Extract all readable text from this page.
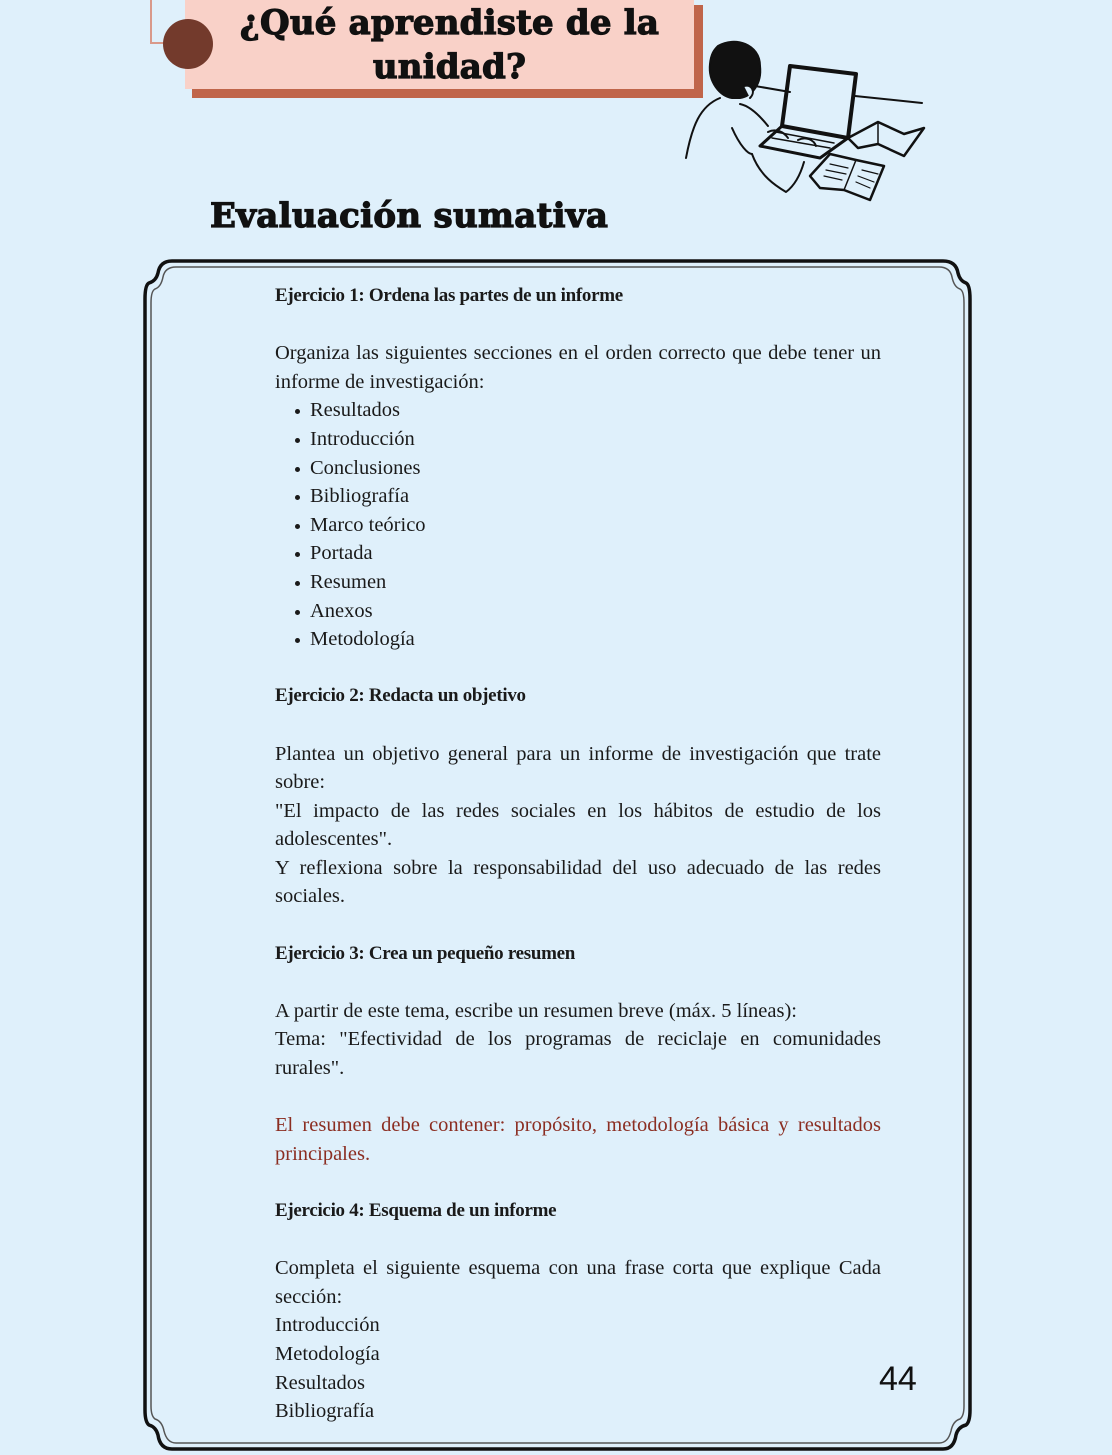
¿Qué aprendiste de la
unidad?
Evaluación sumativa

Ejercicio 1: Ordena las partes de un informe

Organiza las siguientes secciones en el orden correcto que debe tener un informe de investigación:

Resultados
Introducción
Conclusiones
Bibliografía
Marco teórico
Portada
Resumen
Anexos
Metodología

Ejercicio 2: Redacta un objetivo

Plantea un objetivo general para un informe de investigación que trate sobre:

"El impacto de las redes sociales en los hábitos de estudio de los adolescentes".

Y reflexiona sobre la responsabilidad del uso adecuado de las redes sociales.

Ejercicio 3: Crea un pequeño resumen

A partir de este tema, escribe un resumen breve (máx. 5 líneas):

Tema: "Efectividad de los programas de reciclaje en comunidades rurales".

El resumen debe contener: propósito, metodología básica y resultados principales.

Ejercicio 4: Esquema de un informe

Completa el siguiente esquema con una frase corta que explique Cada sección:

Introducción
Metodología
Resultados
Bibliografía
44
